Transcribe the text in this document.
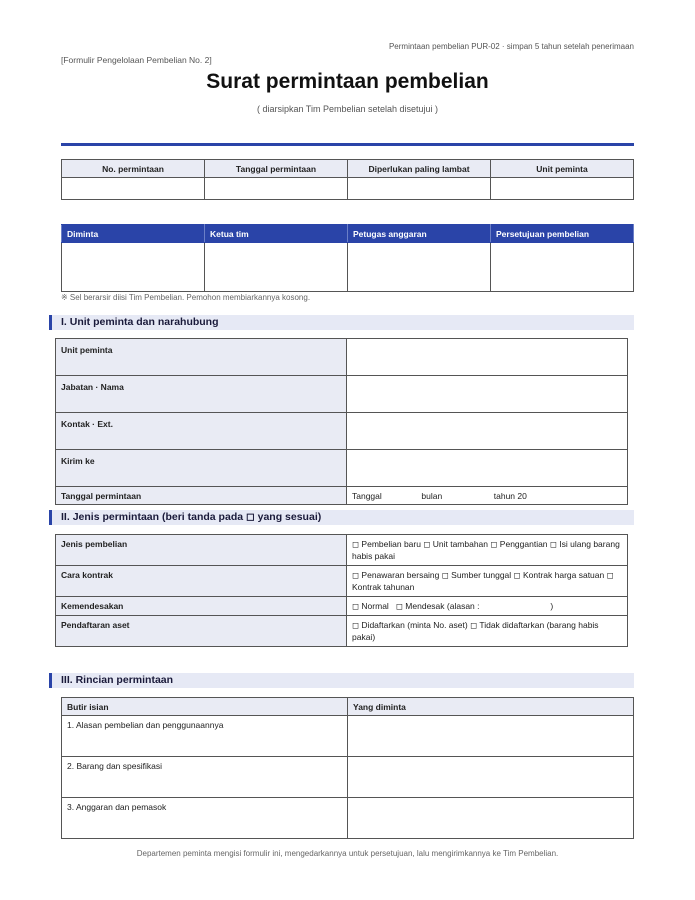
Permintaan pembelian PUR-02 · simpan 5 tahun setelah penerimaan
[Formulir Pengelolaan Pembelian No. 2]
Surat permintaan pembelian
( diarsipkan Tim Pembelian setelah disetujui )
No. permintaan	Tanggal permintaan	Diperlukan paling lambat	Unit peminta

Diminta	Ketua tim	Petugas anggaran	Persetujuan pembelian

※ Sel berarsir diisi Tim Pembelian. Pemohon membiarkannya kosong.
I. Unit peminta dan narahubung
Unit peminta	
Jabatan · Nama	
Kontak · Ext.	
Kirim ke	
Tanggal permintaan	Tanggal bulan tahun 20
II. Jenis permintaan (beri tanda pada ◻ yang sesuai)
Jenis pembelian	◻ Pembelian baru ◻ Unit tambahan ◻ Penggantian ◻ Isi ulang barang habis pakai
Cara kontrak	◻ Penawaran bersaing ◻ Sumber tunggal ◻ Kontrak harga satuan ◻ Kontrak tahunan
Kemendesakan	◻ Normal   ◻ Mendesak (alasan :                              )
Pendaftaran aset	◻ Didaftarkan (minta No. aset) ◻ Tidak didaftarkan (barang habis pakai)
III. Rincian permintaan
Butir isian	Yang diminta
1. Alasan pembelian dan penggunaannya	
2. Barang dan spesifikasi	
3. Anggaran dan pemasok	
Departemen peminta mengisi formulir ini, mengedarkannya untuk persetujuan, lalu mengirimkannya ke Tim Pembelian.
